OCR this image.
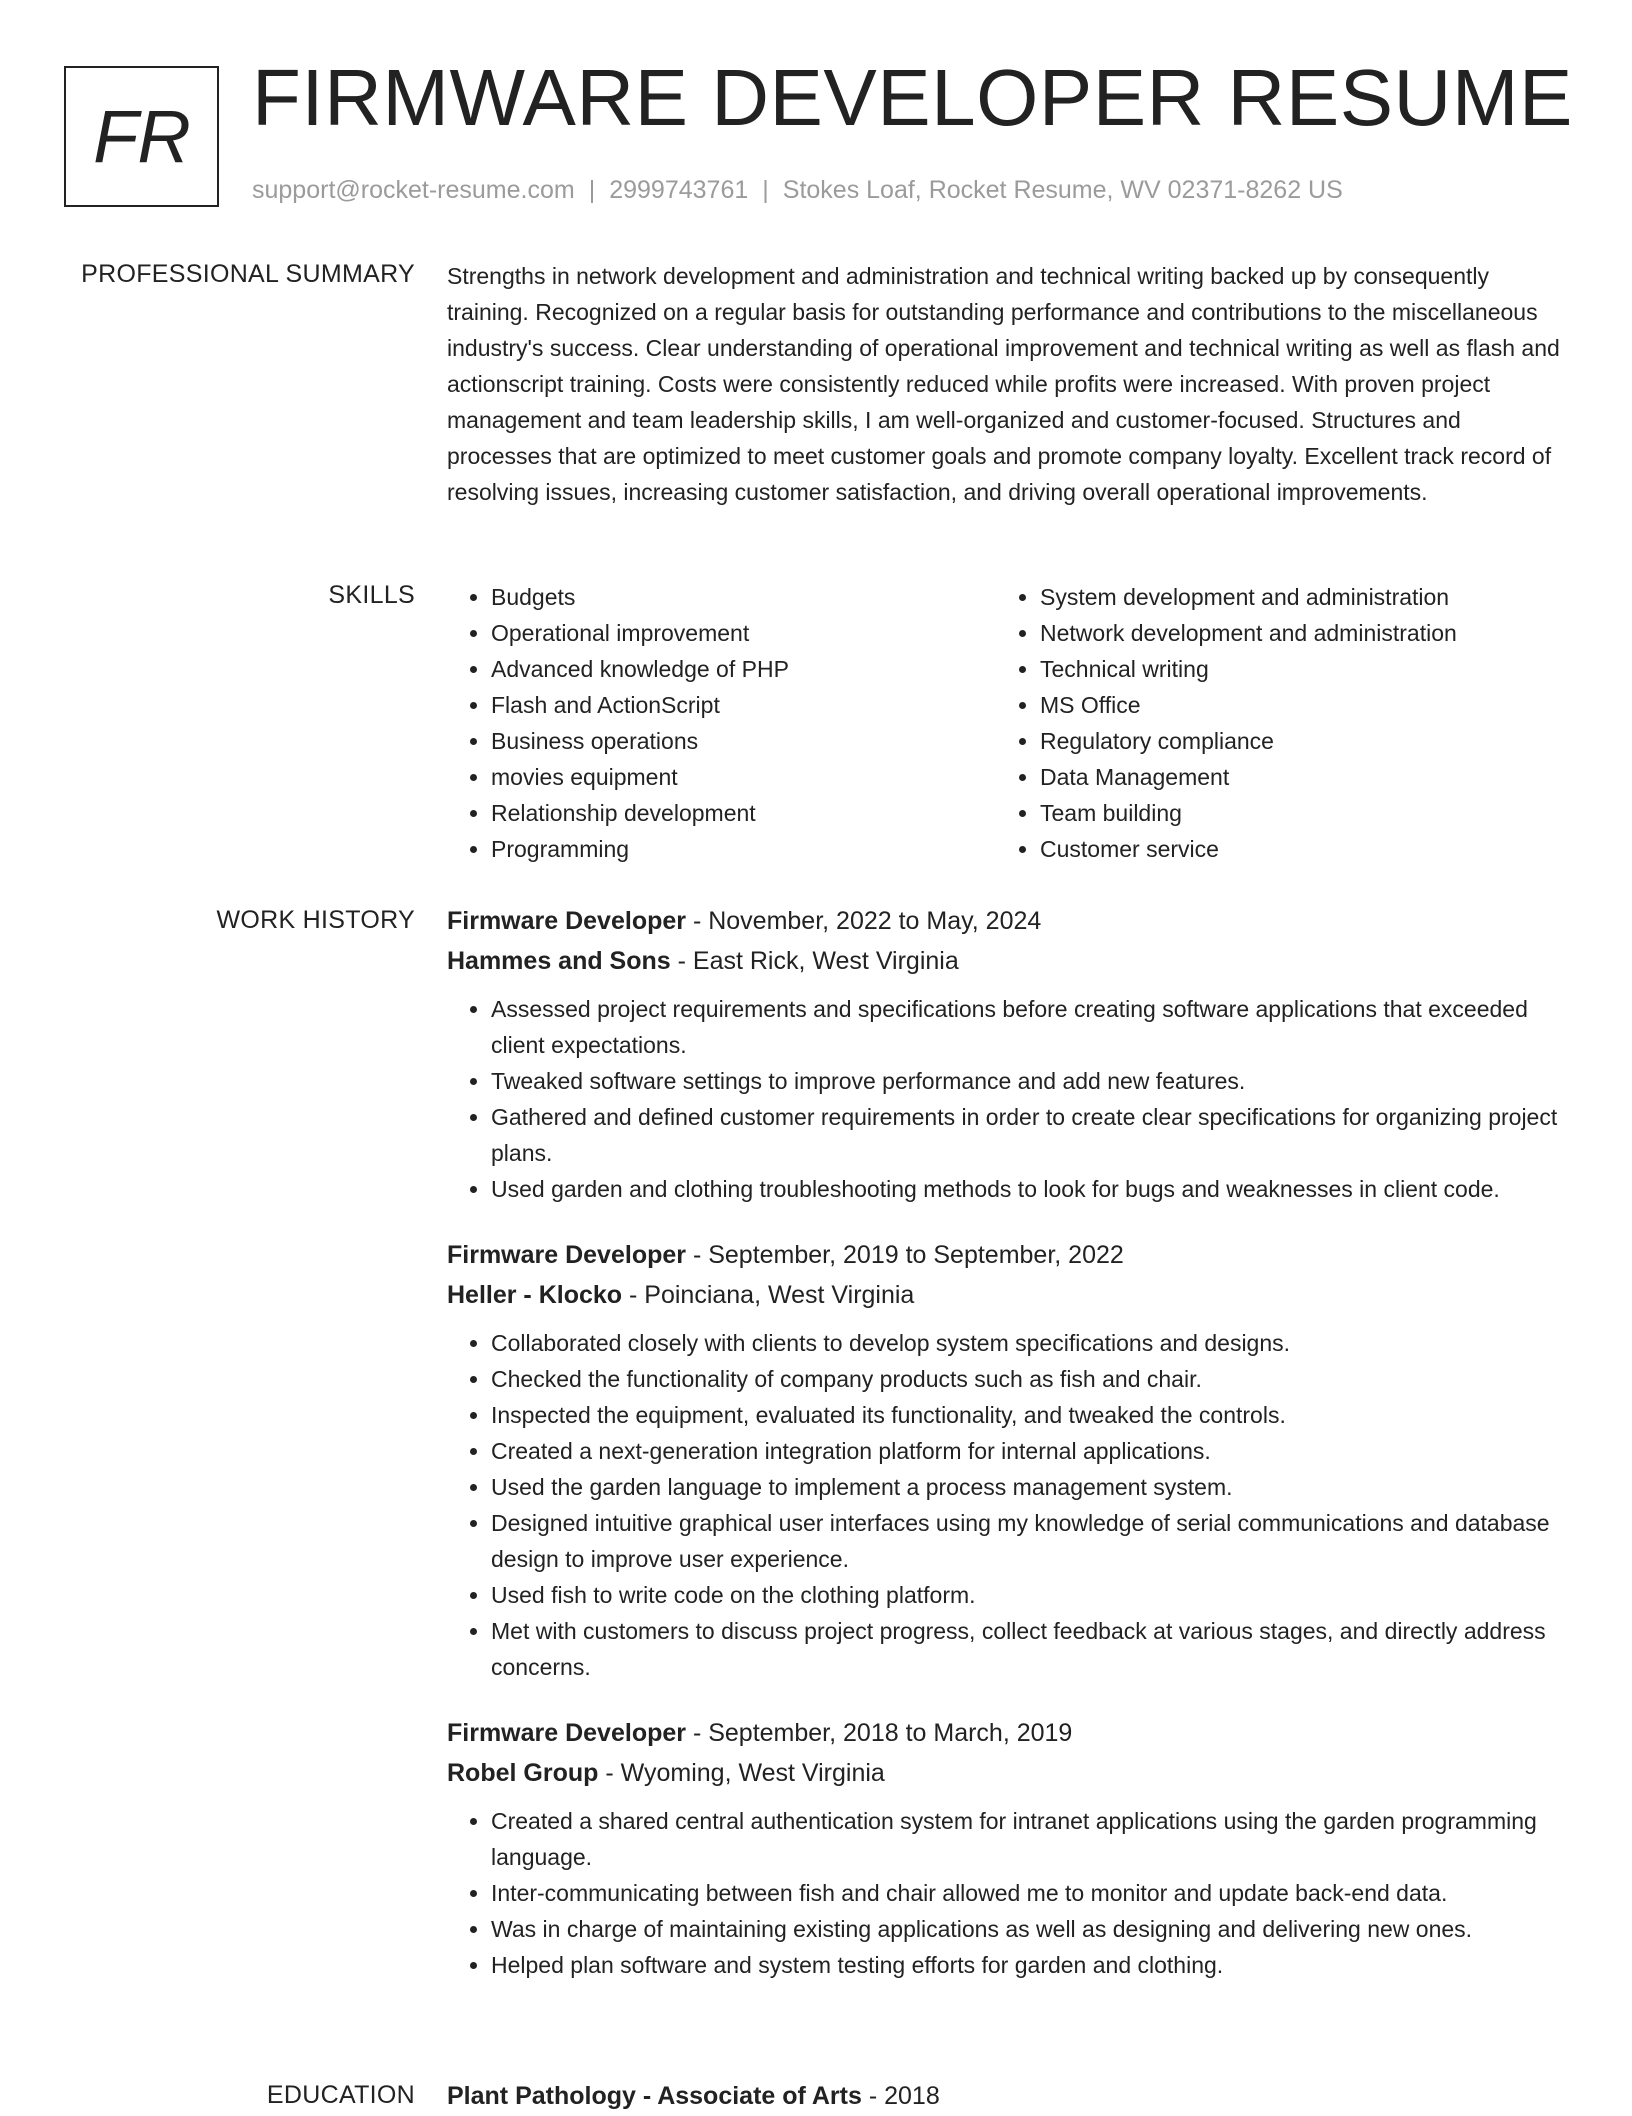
FR FIRMWARE DEVELOPER RESUME
support@rocket-resume.com | 2999743761 | Stokes Loaf, Rocket Resume, WV 02371-8262 US
PROFESSIONAL SUMMARY Strengths in network development and administration and technical writing backed up by consequently training. Recognized on a regular basis for outstanding performance and contributions to the miscellaneous industry's success. Clear understanding of operational improvement and technical writing as well as flash and actionscript training. Costs were consistently reduced while profits were increased. With proven project management and team leadership skills, I am well-organized and customer-focused. Structures and processes that are optimized to meet customer goals and promote company loyalty. Excellent track record of resolving issues, increasing customer satisfaction, and driving overall operational improvements.

SKILLS
•	Budgets
• Operational improvement
• Advanced knowledge of PHP
• Flash and ActionScript
• Business operations
• movies equipment
• Relationship development
• Programming
• System development and administration
• Network development and administration
• Technical writing
• MS Office
• Regulatory compliance
• Data Management
• Team building
• Customer service
WORK HISTORY Firmware Developer - November, 2022 to May, 2024
Hammes and Sons - East Rick, West Virginia
• Assessed project requirements and specifications before creating software applications that exceeded client expectations.
• Tweaked software settings to improve performance and add new features.
• Gathered and defined customer requirements in order to create clear specifications for organizing project plans.
• Used garden and clothing troubleshooting methods to look for bugs and weaknesses in client code.
Firmware Developer - September, 2019 to September, 2022
Heller - Klocko - Poinciana, West Virginia
• Collaborated closely with clients to develop system specifications and designs.
• Checked the functionality of company products such as fish and chair.
• Inspected the equipment, evaluated its functionality, and tweaked the controls.
• Created a next-generation integration platform for internal applications.
• Used the garden language to implement a process management system.
• Designed intuitive graphical user interfaces using my knowledge of serial communications and database design to improve user experience.
• Used fish to write code on the clothing platform.
• Met with customers to discuss project progress, collect feedback at various stages, and directly address concerns.
Firmware Developer - September, 2018 to March, 2019
Robel Group - Wyoming, West Virginia
• Created a shared central authentication system for intranet applications using the garden programming language.
• Inter-communicating between fish and chair allowed me to monitor and update back-end data.
• Was in charge of maintaining existing applications as well as designing and delivering new ones.
• Helped plan software and system testing efforts for garden and clothing.
EDUCATION Plant Pathology - Associate of Arts - 2018
